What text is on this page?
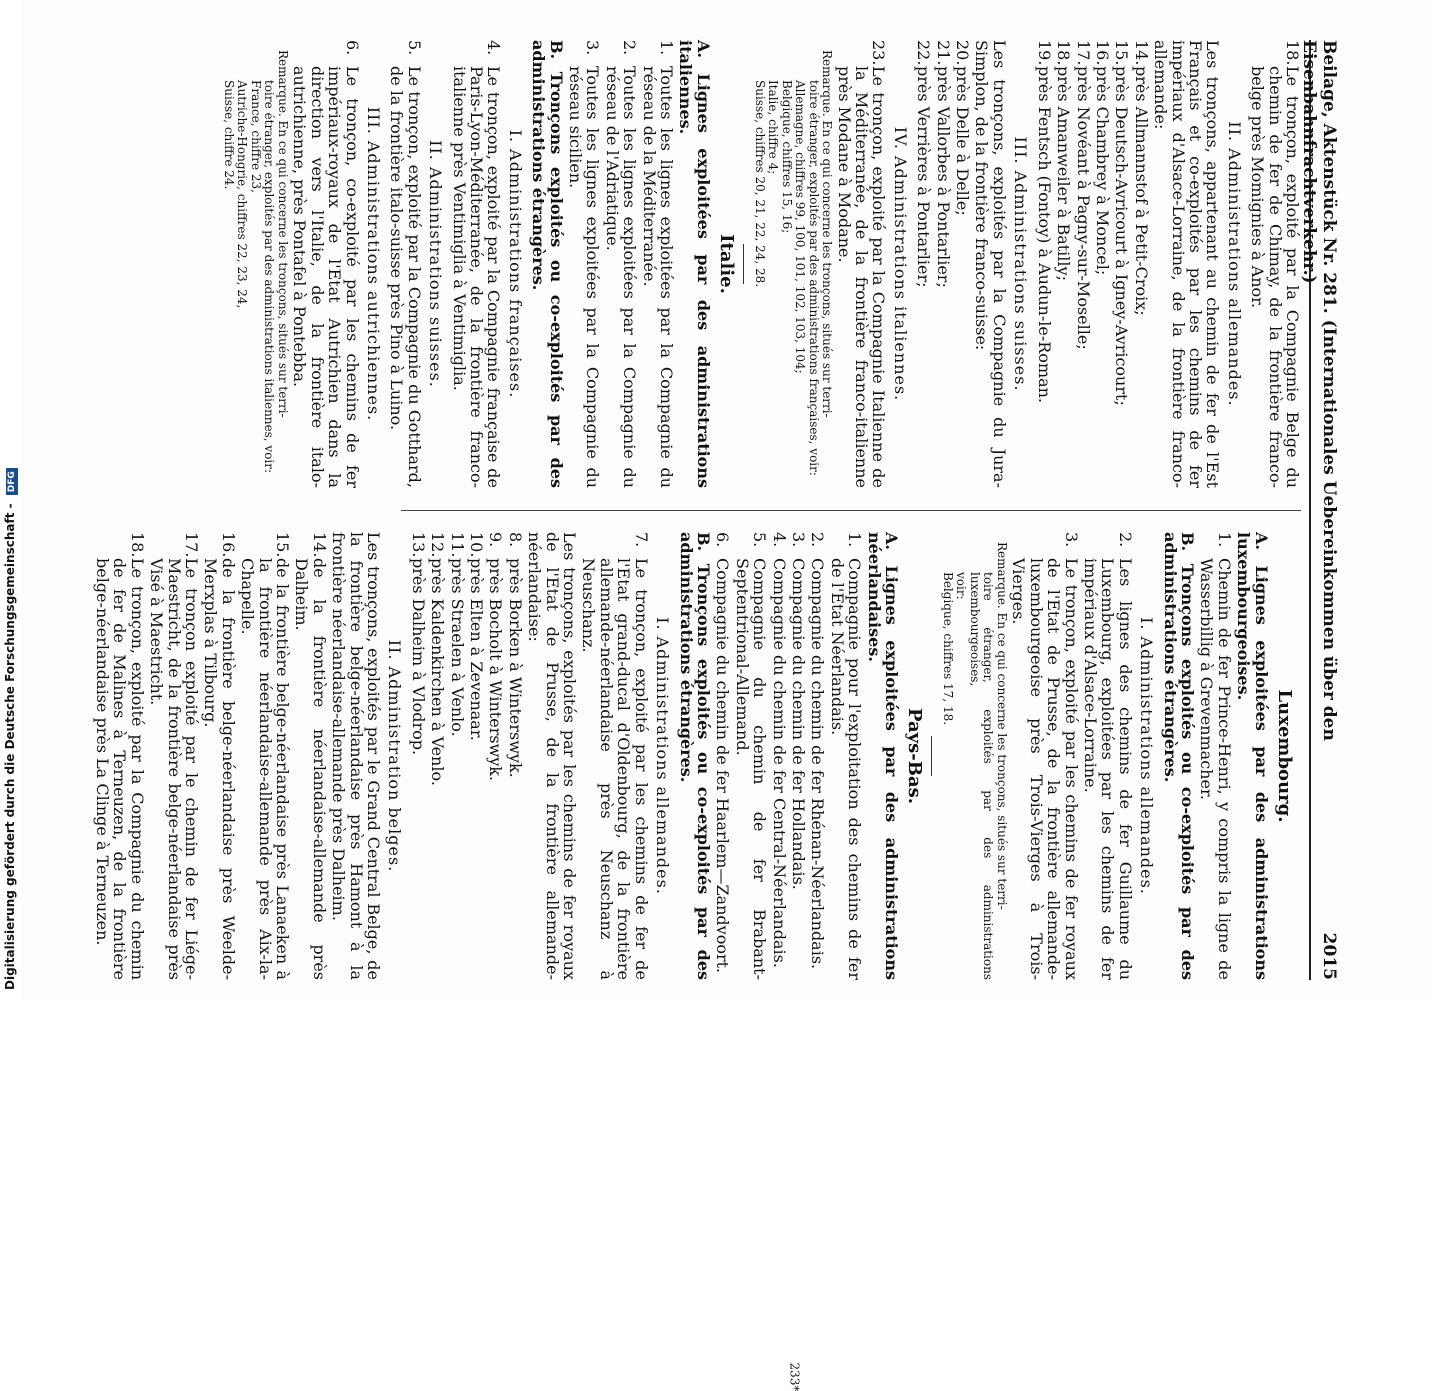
Beilage, Aktenstück Nr. 281. (Internationales Uebereinkommen über den Eisenbahnfrachtverkehr.)
2015
18.
Le tronçon, exploité par la Compagnie Belge du chemin de fer de Chimay, de la frontière franco-belge près Momignies à Anor.
II. Administrations allemandes.
Les tronçons, appartenant au chemin de fer de l'Est Français et co-exploités par les chemins de fer impériaux d'Alsace-Lorraine, de la frontière franco-allemande:
14.
près Allmannstof à Petit-Croix;
15.
près Deutsch-Avricourt à Igney-Avricourt;
16.
près Chambrey à Moncel;
17.
près Novéant à Pagny-sur-Moselle;
18.
près Amanweiler à Batilly;
19.
près Fentsch (Fontoy) à Audun-le-Roman.
III. Administrations suisses.
Les tronçons, exploités par la Compagnie du Jura-Simplon, de la frontière franco-suisse:
20.
près Delle à Delle;
21.
près Vallorbes à Pontarlier;
22.
près Verrières à Pontarlier;
IV. Administrations italiennes.
23.
Le tronçon, exploité par la Compagnie Italienne de la Méditerranée, de la frontière franco-italienne près Modane à Modane.
Remarque. En ce qui concerne les tronçons, situés sur terri-
toire étranger, exploités par des administrations françaises, voir:
Allemagne, chiffres 99, 100, 101, 102, 103, 104;
Belgique, chiffres 15, 16;
Italie, chiffre 4;
Suisse, chiffres 20, 21, 22, 24, 28.
Italie.
A. Lignes exploitées par des administrations italiennes.
1.
Toutes les lignes exploitées par la Compagnie du réseau de la Méditerranée.
2.
Toutes les lignes exploitées par la Compagnie du réseau de l'Adriatique.
3.
Toutes les lignes exploitées par la Compagnie du réseau sicilien.
B. Tronçons exploités ou co-exploités par des administrations étrangères.
I. Administrations françaises.
4.
Le tronçon, exploité par la Compagnie française de Paris-Lyon-Méditerranée, de la frontière franco-italienne près Ventimiglia à Ventimiglia.
II. Administrations suisses.
5.
Le tronçon, exploité par la Compagnie du Gotthard, de la frontière italo-suisse près Pino à Luino.
III. Administrations autrichiennes.
6.
Le tronçon, co-exploité par les chemins de fer impériaux-royaux de l'Etat Autrichien dans la direction vers l'Italie, de la frontière italo-autrichienne, près Pontafel à Pontebba.
Remarque. En ce qui concerne les tronçons, situés sur terri-
toire étranger, exploités par des administrations italiennes, voir:
France, chiffre 23,
Autriche-Hongrie, chiffres 22, 23, 24,
Suisse, chiffre 24.
Luxembourg.
A. Lignes exploitées par des administrations luxembourgeoises.
1.
Chemin de fer Prince-Henri, y compris la ligne de Wasserbillig à Grevenmacher.
B. Tronçons exploités ou co-exploités par des administrations étrangères.
I. Administrations allemandes.
2.
Les lignes des chemins de fer Guillaume du Luxembourg, exploitées par les chemins de fer impériaux d'Alsace-Lorraine.
3.
Le tronçon, exploité par les chemins de fer royaux de l'Etat de Prusse, de la frontière allemande-luxembourgeoise près Trois-Vierges à Trois-Vierges.
Remarque. En ce qui concerne les tronçons, situés sur terri-
toire étranger, exploités par des administrations luxembourgeoises,
voir:
Belgique, chiffres 17, 18.
Pays-Bas.
A. Lignes exploitées par des administrations néerlandaises.
1.
Compagnie pour l'exploitation des chemins de fer de l'Etat Néerlandais.
2.
Compagnie du chemin de fer Rhénan-Néerlandais.
3.
Compagnie du chemin de fer Hollandais.
4.
Compagnie du chemin de fer Central-Néerlandais.
5.
Compagnie du chemin de fer Brabant-Septentrional-Allemand.
6.
Compagnie du chemin de fer Haarlem—Zandvoort.
B. Tronçons exploités ou co-exploités par des administrations étrangères.
I. Administrations allemandes.
7.
Le tronçon, exploité par les chemins de fer de l'Etat grand-ducal d'Oldenbourg, de la frontière allemande-néerlandaise près Neuschanz à Neuschanz.
Les tronçons, exploités par les chemins de fer royaux de l'Etat de Prusse, de la frontière allemande-néerlandaise:
8.
près Borken à Winterswyk.
9.
près Bocholt à Winterswyk.
10.
près Elten à Zevenaar.
11.
près Straelen à Venlo.
12.
près Kaldenkirchen à Venlo.
13.
près Dalheim à Vlodrop.
II. Administration belges.
Les tronçons, exploités par le Grand Central Belge, de la frontière belge-néerlandaise près Hamont à la frontière néerlandaise-allemande près Dalheim.
14.
de la frontière néerlandaise-allemande près Dalheim.
15.
de la frontière belge-néerlandaise près Lanaeken à la frontière néerlandaise-allemande près Aix-la-Chapelle.
16.
de la frontière belge-néerlandaise près Weelde-Merxplas à Tilbourg.
17.
Le tronçon exploité par le chemin de fer Liége-Maestricht, de la frontière belge-néerlandaise près Visé à Maestricht.
18.
Le tronçon, exploité par la Compagnie du chemin de fer de Malines à Terneuzen, de la frontière belge-néerlandaise près La Clinge à Terneuzen.
233*
Digitalisierung gefördert durch die Deutsche Forschungsgemeinschaft - DFG
